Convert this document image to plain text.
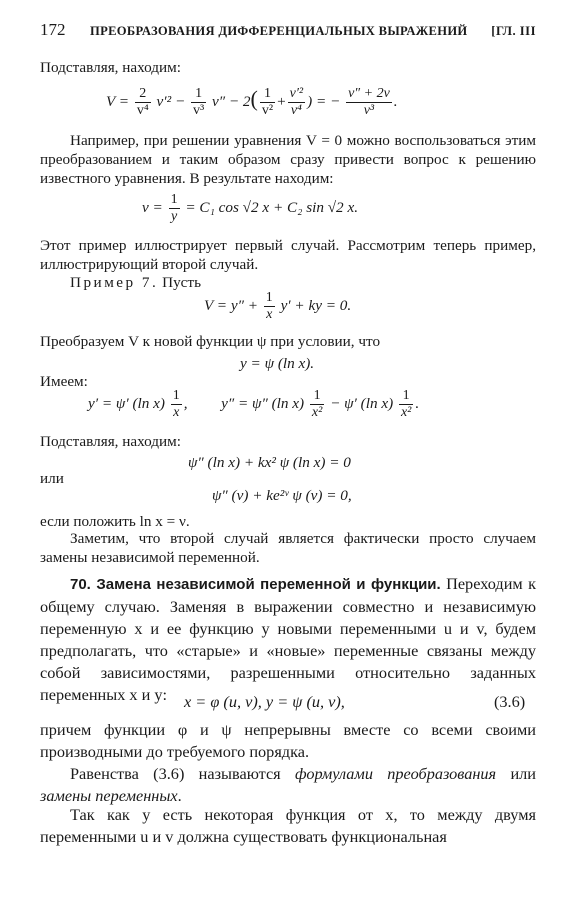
172 ПРЕОБРАЗОВАНИЯ ДИФФЕРЕНЦИАЛЬНЫХ ВЫРАЖЕНИЙ [ГЛ. III
Подставляя, находим:
$V = \frac{2}{\text{v⁴}} v'^2 - \frac{1}{\text{v³}} v'' - 2( \frac{1}{\text{v²}} + \frac{\text{v′²}}{\text{v⁴}}$ ) = − $\frac{v'' + 2v}{\text{v³}}$ .
Например, при решении уравнения V = 0 можно воспользоваться этим преобразованием и таким образом сразу привести вопрос к решению известного уравнения. В результате находим:
$v = \frac{1}{y} = C_1$ cos √2 x + C₂ sin √2 x.
Этот пример иллюстрирует первый случай. Рассмотрим теперь пример, иллюстрирующий второй случай.
Пример 7. Пусть
$V = y'' + \frac{1}{x} y'$ + ky = 0.
Преобразуем V к новой функции ψ при условии, что
y = ψ (ln x).
Имеем:
y′ = ψ′ (ln $x) \frac{1}{x}$ , y″ = ψ″ (ln $x) \frac{1}{\text{x²}} - \psi'$ (ln $x) \frac{1}{\text{x²}}$ .
Подставляя, находим:
ψ″ (ln x) + kx² ψ (ln x) = 0
или
ψ″ (ν) + ke²ᵛ ψ (ν) = 0,
если положить ln x = ν.
Заметим, что второй случай является фактически просто случаем замены независимой переменной.
70. Замена независимой переменной и функции. Переходим к общему случаю. Заменяя в выражении совместно и независимую переменную x и ее функцию y новыми переменными u и v, будем предполагать, что «старые» и «новые» переменные связаны между собой зависимостями, разрешенными относительно заданных переменных x и y:	x = φ (u, v), y = ψ (u, v),	(3.6)
причем функции φ и ψ непрерывны вместе со всеми своими производными до требуемого порядка.
Равенства (3.6) называются формулами преобразования или замены переменных.
Так как y есть некоторая функция от x, то между двумя переменными u и v должна существовать функциональная
